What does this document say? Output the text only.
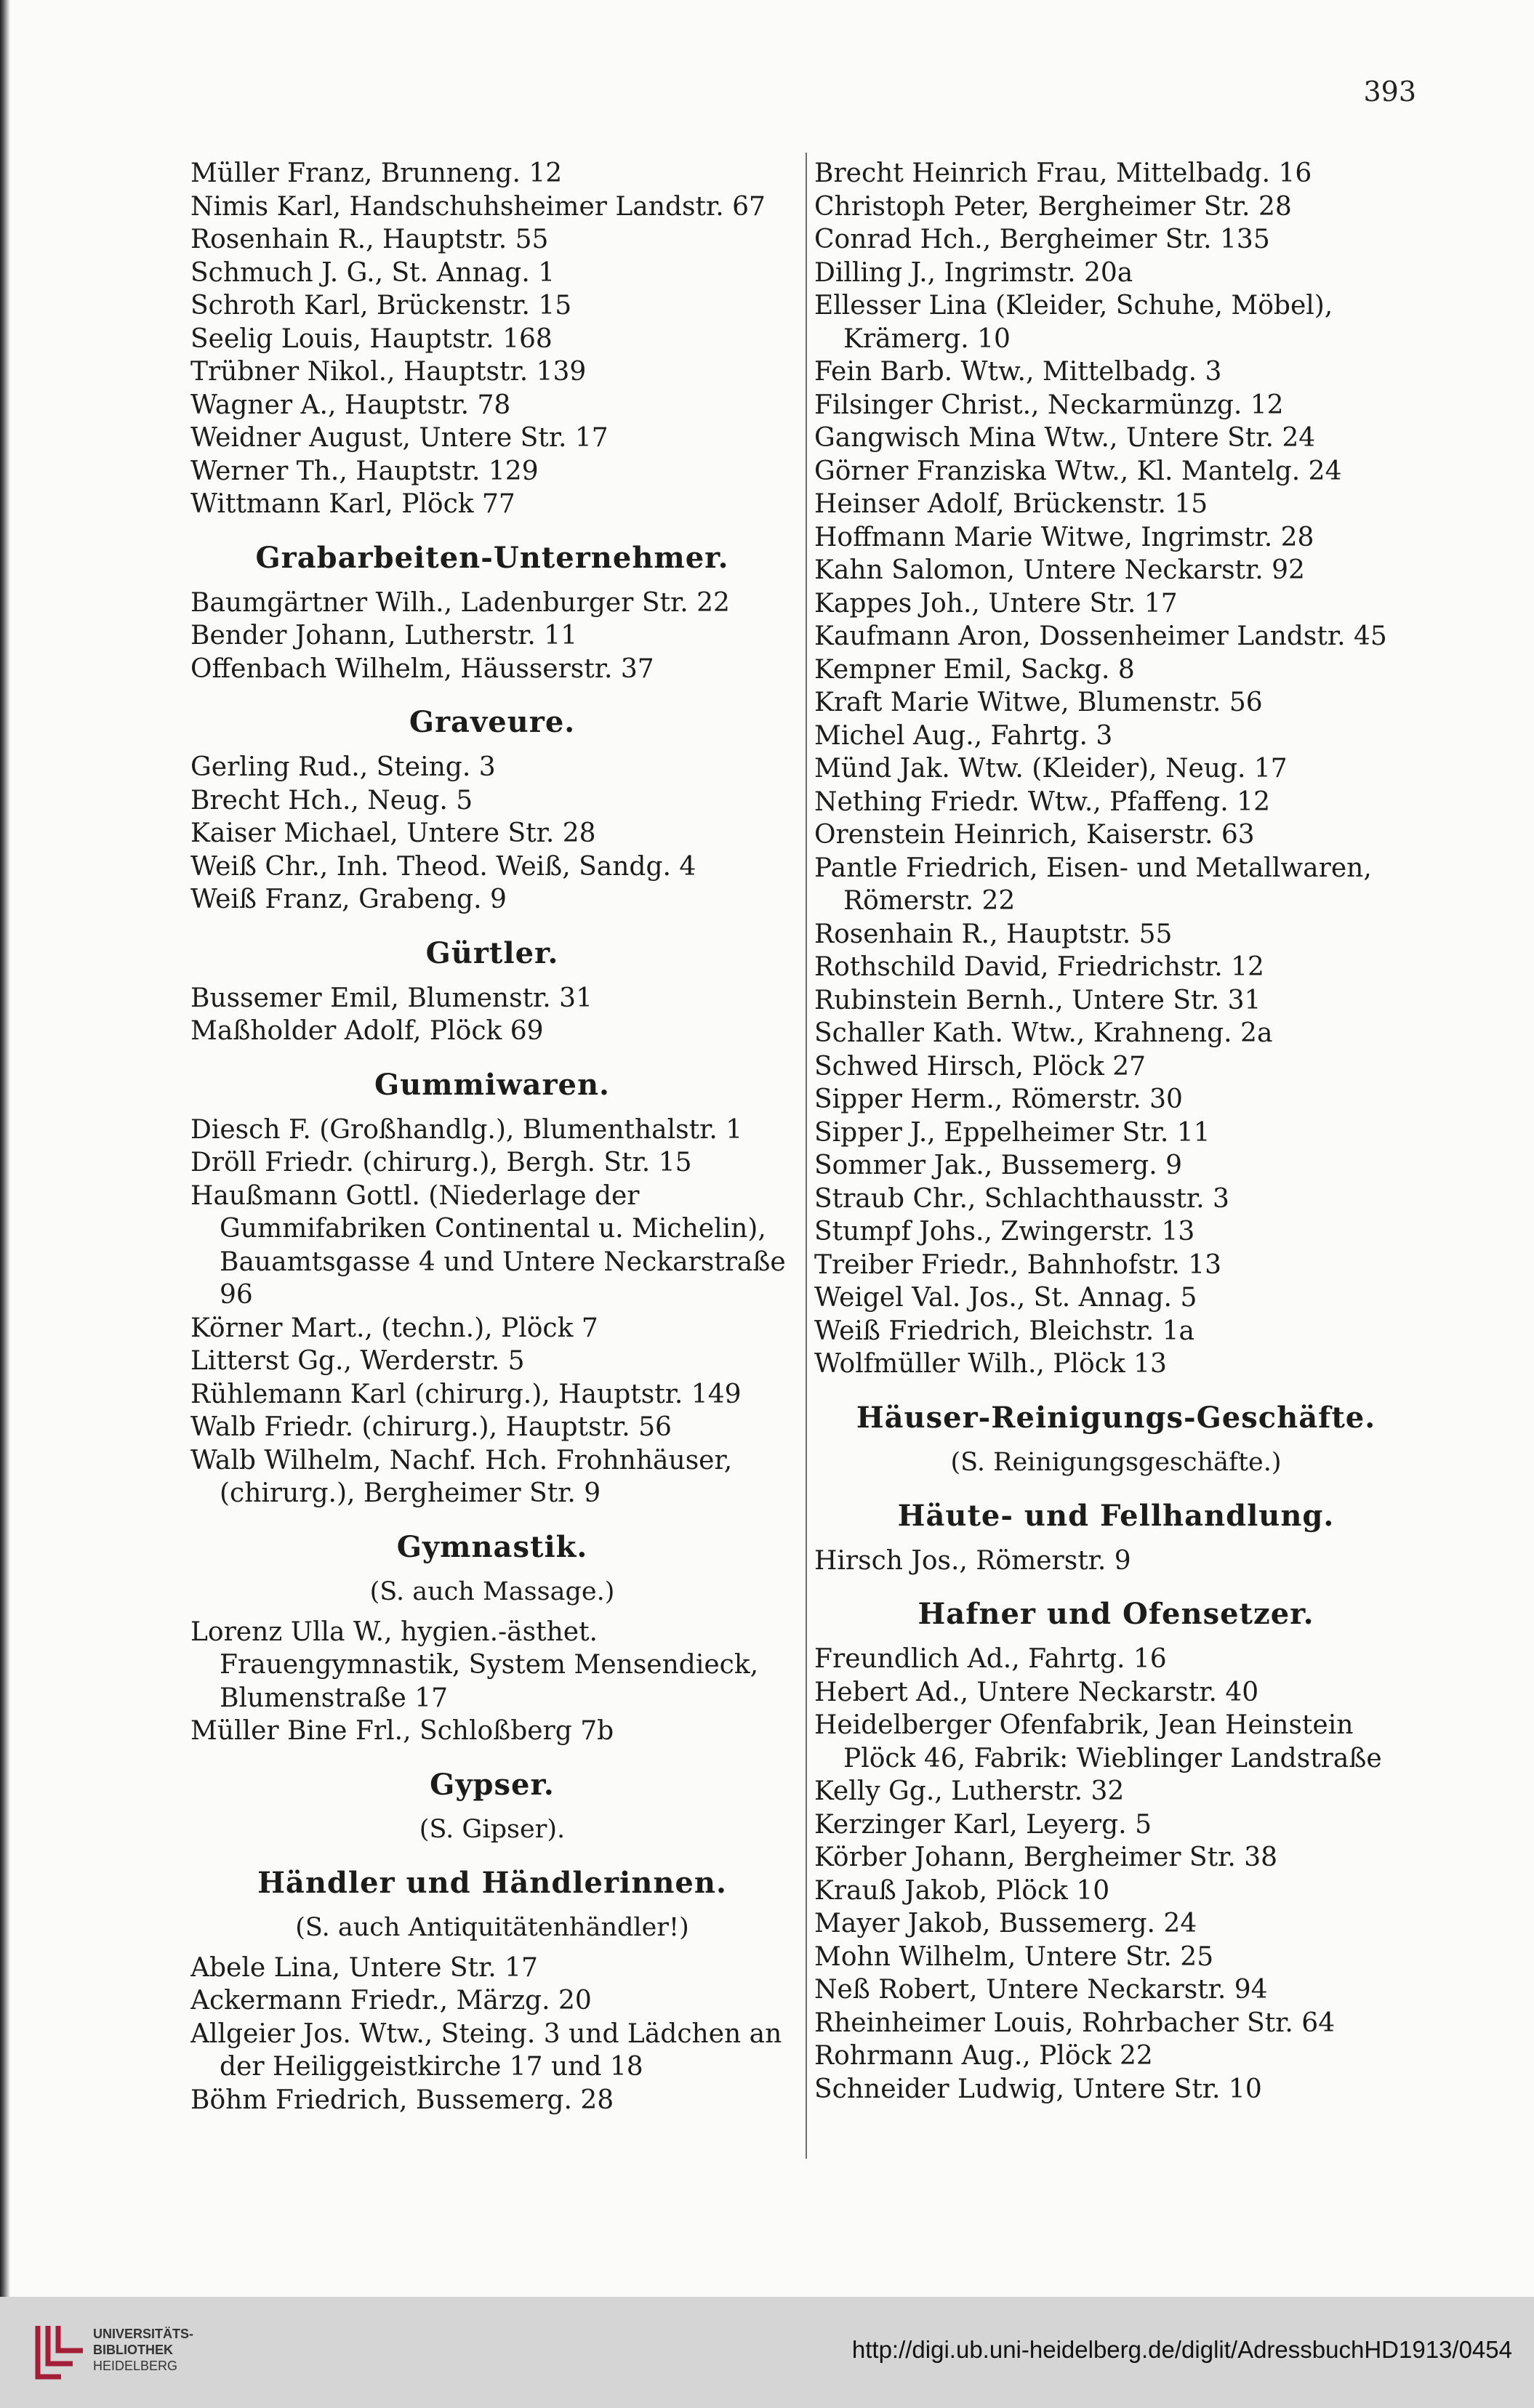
393
Müller Franz, Brunneng. 12
Nimis Karl, Handschuhsheimer Landstr. 67
Rosenhain R., Hauptstr. 55
Schmuch J. G., St. Annag. 1
Schroth Karl, Brückenstr. 15
Seelig Louis, Hauptstr. 168
Trübner Nikol., Hauptstr. 139
Wagner A., Hauptstr. 78
Weidner August, Untere Str. 17
Werner Th., Hauptstr. 129
Wittmann Karl, Plöck 77
Grabarbeiten-Unternehmer.
Baumgärtner Wilh., Ladenburger Str. 22
Bender Johann, Lutherstr. 11
Offenbach Wilhelm, Häusserstr. 37
Graveure.
Gerling Rud., Steing. 3
Brecht Hch., Neug. 5
Kaiser Michael, Untere Str. 28
Weiß Chr., Inh. Theod. Weiß, Sandg. 4
Weiß Franz, Grabeng. 9
Gürtler.
Bussemer Emil, Blumenstr. 31
Maßholder Adolf, Plöck 69
Gummiwaren.
Diesch F. (Großhandlg.), Blumenthalstr. 1
Dröll Friedr. (chirurg.), Bergh. Str. 15
Haußmann Gottl. (Niederlage der Gummifabriken Continental u. Michelin), Bauamtsgasse 4 und Untere Neckarstraße 96
Körner Mart., (techn.), Plöck 7
Litterst Gg., Werderstr. 5
Rühlemann Karl (chirurg.), Hauptstr. 149
Walb Friedr. (chirurg.), Hauptstr. 56
Walb Wilhelm, Nachf. Hch. Frohnhäuser, (chirurg.), Bergheimer Str. 9
Gymnastik.
(S. auch Massage.)
Lorenz Ulla W., hygien.-ästhet. Frauengymnastik, System Mensendieck, Blumenstraße 17
Müller Bine Frl., Schloßberg 7b
Gypser.
(S. Gipser).
Händler und Händlerinnen.
(S. auch Antiquitätenhändler!)
Abele Lina, Untere Str. 17
Ackermann Friedr., Märzg. 20
Allgeier Jos. Wtw., Steing. 3 und Lädchen an der Heiliggeistkirche 17 und 18
Böhm Friedrich, Bussemerg. 28
Brecht Heinrich Frau, Mittelbadg. 16
Christoph Peter, Bergheimer Str. 28
Conrad Hch., Bergheimer Str. 135
Dilling J., Ingrimstr. 20a
Ellesser Lina (Kleider, Schuhe, Möbel), Krämerg. 10
Fein Barb. Wtw., Mittelbadg. 3
Filsinger Christ., Neckarmünzg. 12
Gangwisch Mina Wtw., Untere Str. 24
Görner Franziska Wtw., Kl. Mantelg. 24
Heinser Adolf, Brückenstr. 15
Hoffmann Marie Witwe, Ingrimstr. 28
Kahn Salomon, Untere Neckarstr. 92
Kappes Joh., Untere Str. 17
Kaufmann Aron, Dossenheimer Landstr. 45
Kempner Emil, Sackg. 8
Kraft Marie Witwe, Blumenstr. 56
Michel Aug., Fahrtg. 3
Münd Jak. Wtw. (Kleider), Neug. 17
Nething Friedr. Wtw., Pfaffeng. 12
Orenstein Heinrich, Kaiserstr. 63
Pantle Friedrich, Eisen- und Metallwaren, Römerstr. 22
Rosenhain R., Hauptstr. 55
Rothschild David, Friedrichstr. 12
Rubinstein Bernh., Untere Str. 31
Schaller Kath. Wtw., Krahneng. 2a
Schwed Hirsch, Plöck 27
Sipper Herm., Römerstr. 30
Sipper J., Eppelheimer Str. 11
Sommer Jak., Bussemerg. 9
Straub Chr., Schlachthausstr. 3
Stumpf Johs., Zwingerstr. 13
Treiber Friedr., Bahnhofstr. 13
Weigel Val. Jos., St. Annag. 5
Weiß Friedrich, Bleichstr. 1a
Wolfmüller Wilh., Plöck 13
Häuser-Reinigungs-Geschäfte.
(S. Reinigungsgeschäfte.)
Häute- und Fellhandlung.
Hirsch Jos., Römerstr. 9
Hafner und Ofensetzer.
Freundlich Ad., Fahrtg. 16
Hebert Ad., Untere Neckarstr. 40
Heidelberger Ofenfabrik, Jean Heinstein Plöck 46, Fabrik: Wieblinger Landstraße
Kelly Gg., Lutherstr. 32
Kerzinger Karl, Leyerg. 5
Körber Johann, Bergheimer Str. 38
Krauß Jakob, Plöck 10
Mayer Jakob, Bussemerg. 24
Mohn Wilhelm, Untere Str. 25
Neß Robert, Untere Neckarstr. 94
Rheinheimer Louis, Rohrbacher Str. 64
Rohrmann Aug., Plöck 22
Schneider Ludwig, Untere Str. 10
UNIVERSITÄTS-
BIBLIOTHEK
HEIDELBERG
http://digi.ub.uni-heidelberg.de/diglit/AdressbuchHD1913/0454
